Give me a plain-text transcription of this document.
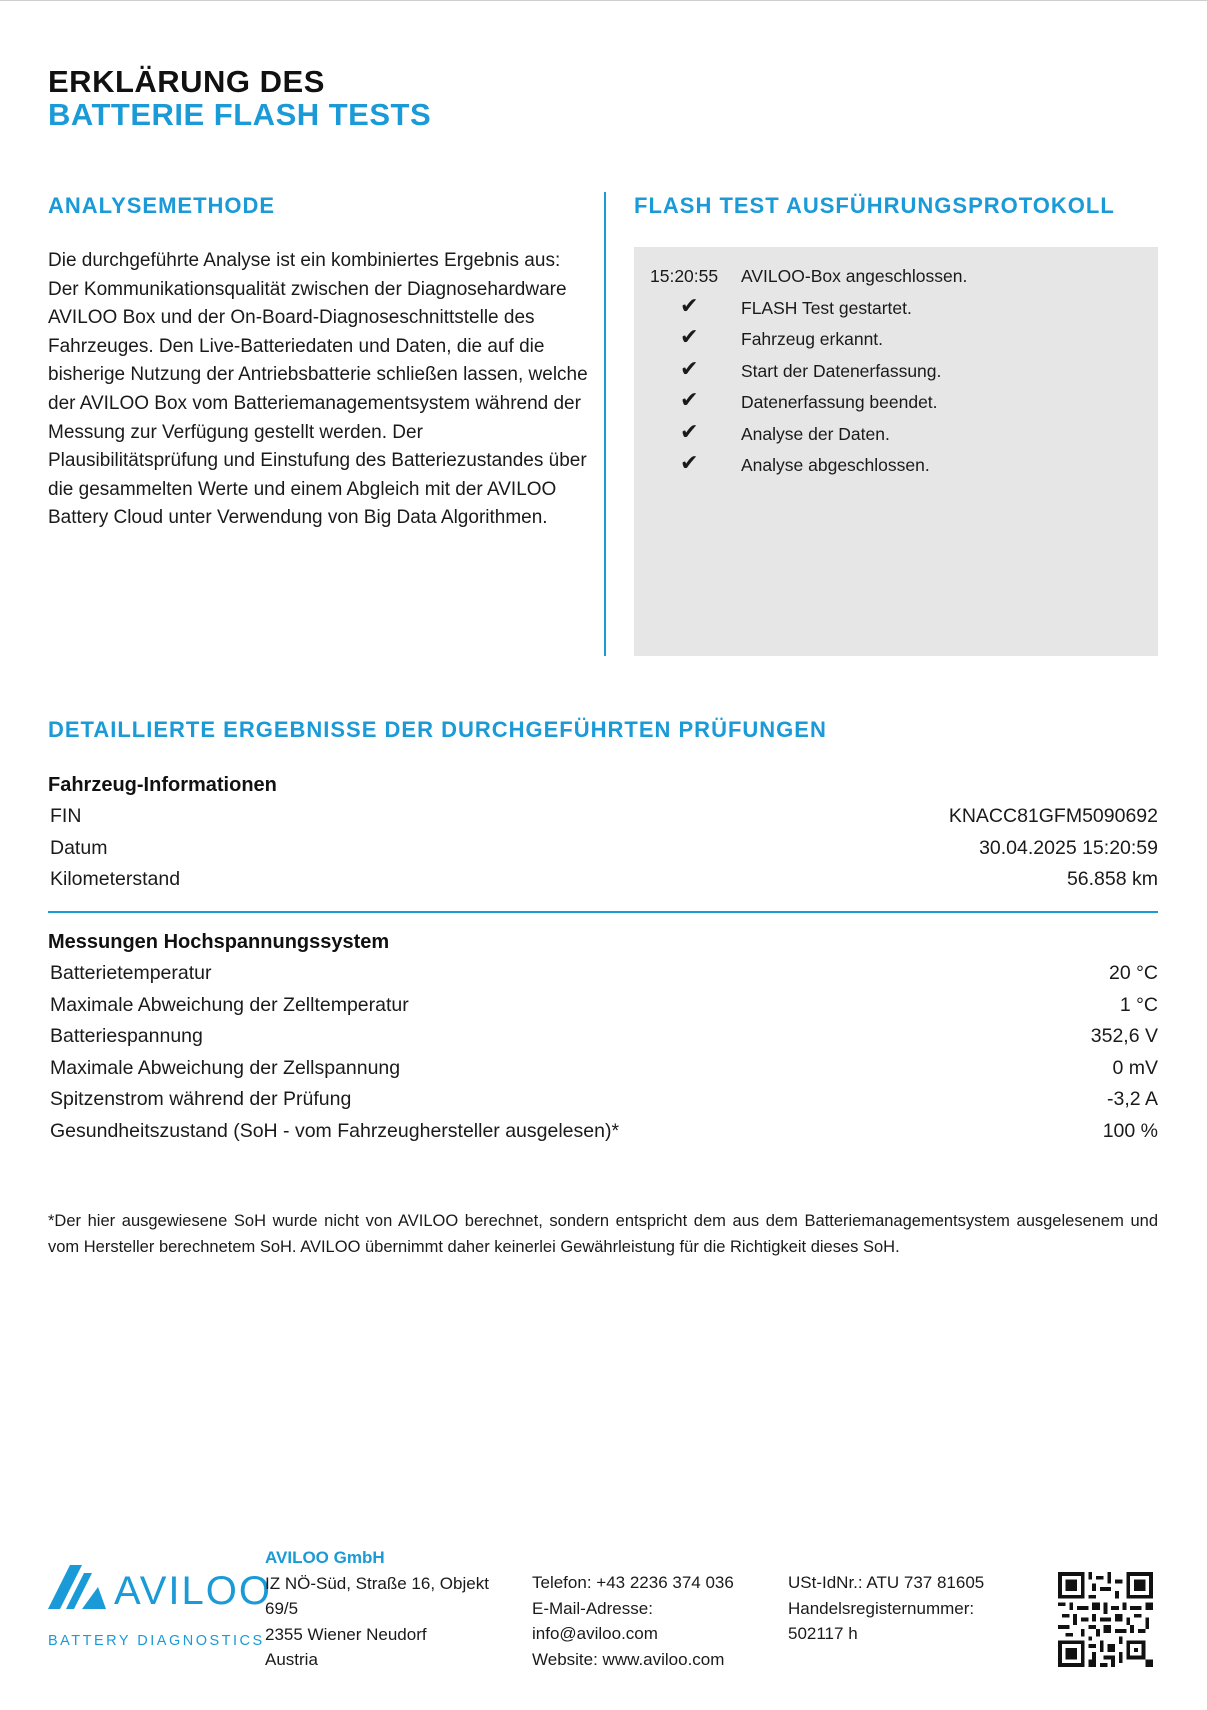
ERKLÄRUNG DES
BATTERIE FLASH TESTS
ANALYSEMETHODE

Die durchgeführte Analyse ist ein kombiniertes Ergebnis aus: Der Kommunikationsqualität zwischen der Diagnosehardware AVILOO Box und der On-Board-Diagnoseschnittstelle des Fahrzeuges. Den Live-Batteriedaten und Daten, die auf die bisherige Nutzung der Antriebsbatterie schließen lassen, welche der AVILOO Box vom Batteriemanagementsystem während der Messung zur Verfügung gestellt werden. Der Plausibilitätsprüfung und Einstufung des Batteriezustandes über die gesammelten Werte und einem Abgleich mit der AVILOO Battery Cloud unter Verwendung von Big Data Algorithmen.

FLASH TEST AUSFÜHRUNGSPROTOKOLL
15:20:55 AVILOO-Box angeschlossen.
✔ FLASH Test gestartet.
✔ Fahrzeug erkannt.
✔ Start der Datenerfassung.
✔ Datenerfassung beendet.
✔ Analyse der Daten.
✔ Analyse abgeschlossen.
DETAILLIERTE ERGEBNISSE DER DURCHGEFÜHRTEN PRÜFUNGEN
Fahrzeug-Informationen
FIN	KNACC81GFM5090692
Datum	30.04.2025 15:20:59
Kilometerstand	56.858 km
Messungen Hochspannungssystem
Batterietemperatur	20 °C
Maximale Abweichung der Zelltemperatur	1 °C
Batteriespannung	352,6 V
Maximale Abweichung der Zellspannung	0 mV
Spitzenstrom während der Prüfung	-3,2 A
Gesundheitszustand (SoH - vom Fahrzeughersteller ausgelesen)*	100 %

*Der hier ausgewiesene SoH wurde nicht von AVILOO berechnet, sondern entspricht dem aus dem Batteriemanagementsystem ausgelesenem und vom Hersteller berechnetem SoH. AVILOO übernimmt daher keinerlei Gewährleistung für die Richtigkeit dieses SoH.

AVILOO
BATTERY DIAGNOSTICS
AVILOO GmbH
IZ NÖ-Süd, Straße 16, Objekt
69/5
2355 Wiener Neudorf
Austria
Telefon: +43 2236 374 036
E-Mail-Adresse:
info@aviloo.com
Website: www.aviloo.com
USt-IdNr.: ATU 737 81605
Handelsregisternummer:
502117 h
